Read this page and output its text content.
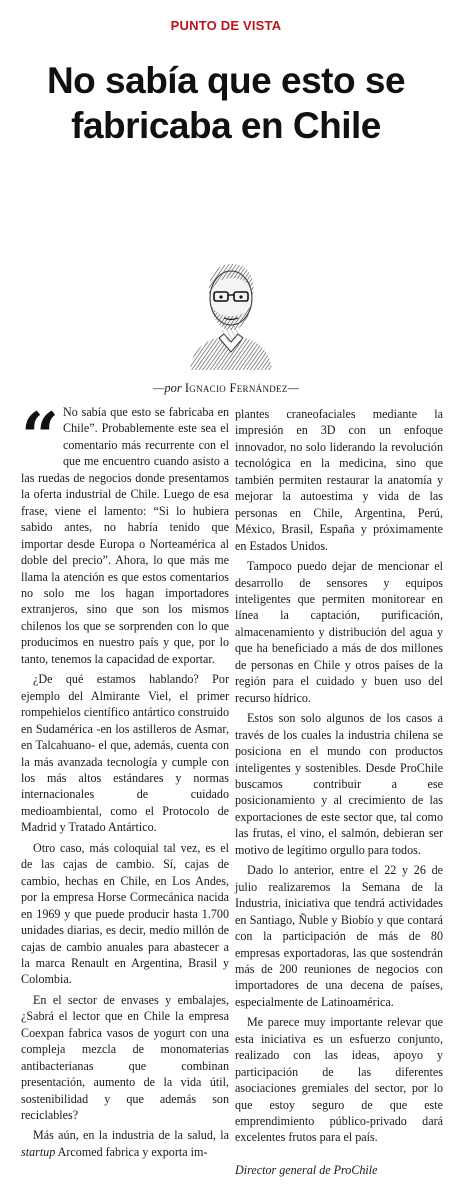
PUNTO DE VISTA
No sabía que esto se
fabricaba en Chile
—por Ignacio Fernández—

“ No sabía que esto se fabricaba en Chile”. Probablemente este sea el comentario más recurrente con el que me encuentro cuando asisto a las ruedas de negocios donde presentamos la oferta industrial de Chile. Luego de esa frase, viene el lamento: “Si lo hubiera sabido antes, no habría tenido que importar desde Europa o Norteamérica al doble del precio”. Ahora, lo que más me llama la atención es que estos comentarios no solo me los hagan importadores extranjeros, sino que son los mismos chilenos los que se sorprenden con lo que producimos en nuestro país y que, por lo tanto, tenemos la capacidad de exportar.

¿De qué estamos hablando? Por ejemplo del Almirante Viel, el primer rompehielos científico antártico construido en Sudamérica -en los astilleros de Asmar, en Talcahuano- el que, además, cuenta con la más avanzada tecnología y cumple con los más altos estándares y normas internacionales de cuidado medioambiental, como el Protocolo de Madrid y Tratado Antártico.

Otro caso, más coloquial tal vez, es el de las cajas de cambio. Sí, cajas de cambio, hechas en Chile, en Los Andes, por la empresa Horse Cormecánica nacida en 1969 y que puede producir hasta 1.700 unidades diarias, es decir, medio millón de cajas de cambio anuales para abastecer a la marca Renault en Argentina, Brasil y Colombia.

En el sector de envases y embalajes, ¿Sabrá el lector que en Chile la empresa Coexpan fabrica vasos de yogurt con una compleja mezcla de monomaterias antibacterianas que combinan presentación, aumento de la vida útil, sostenibilidad y que además son reciclables?

Más aún, en la industria de la salud, la startup Arcomed fabrica y exporta im-

plantes craneofaciales mediante la impresión en 3D con un enfoque innovador, no solo liderando la revolución tecnológica en la medicina, sino que también permiten restaurar la anatomía y mejorar la autoestima y vida de las personas en Chile, Argentina, Perú, México, Brasil, España y próximamente en Estados Unidos.

Tampoco puedo dejar de mencionar el desarrollo de sensores y equipos inteligentes que permiten monitorear en línea la captación, purificación, almacenamiento y distribución del agua y que ha beneficiado a más de dos millones de personas en Chile y otros países de la región para el cuidado y buen uso del recurso hídrico.

Estos son solo algunos de los casos a través de los cuales la industria chilena se posiciona en el mundo con productos inteligentes y sostenibles. Desde ProChile buscamos contribuir a ese posicionamiento y al crecimiento de las exportaciones de este sector que, tal como las frutas, el vino, el salmón, debieran ser motivo de legítimo orgullo para todos.

Dado lo anterior, entre el 22 y 26 de julio realizaremos la Semana de la Industria, iniciativa que tendrá actividades en Santiago, Ñuble y Biobío y que contará con la participación de más de 80 empresas exportadoras, las que sostendrán más de 200 reuniones de negocios con importadores de una decena de países, especialmente de Latinoamérica.

Me parece muy importante relevar que esta iniciativa es un esfuerzo conjunto, realizado con las ideas, apoyo y participación de las diferentes asociaciones gremiales del sector, por lo que estoy seguro de que este emprendimiento público-privado dará excelentes frutos para el país.

Director general de ProChile
